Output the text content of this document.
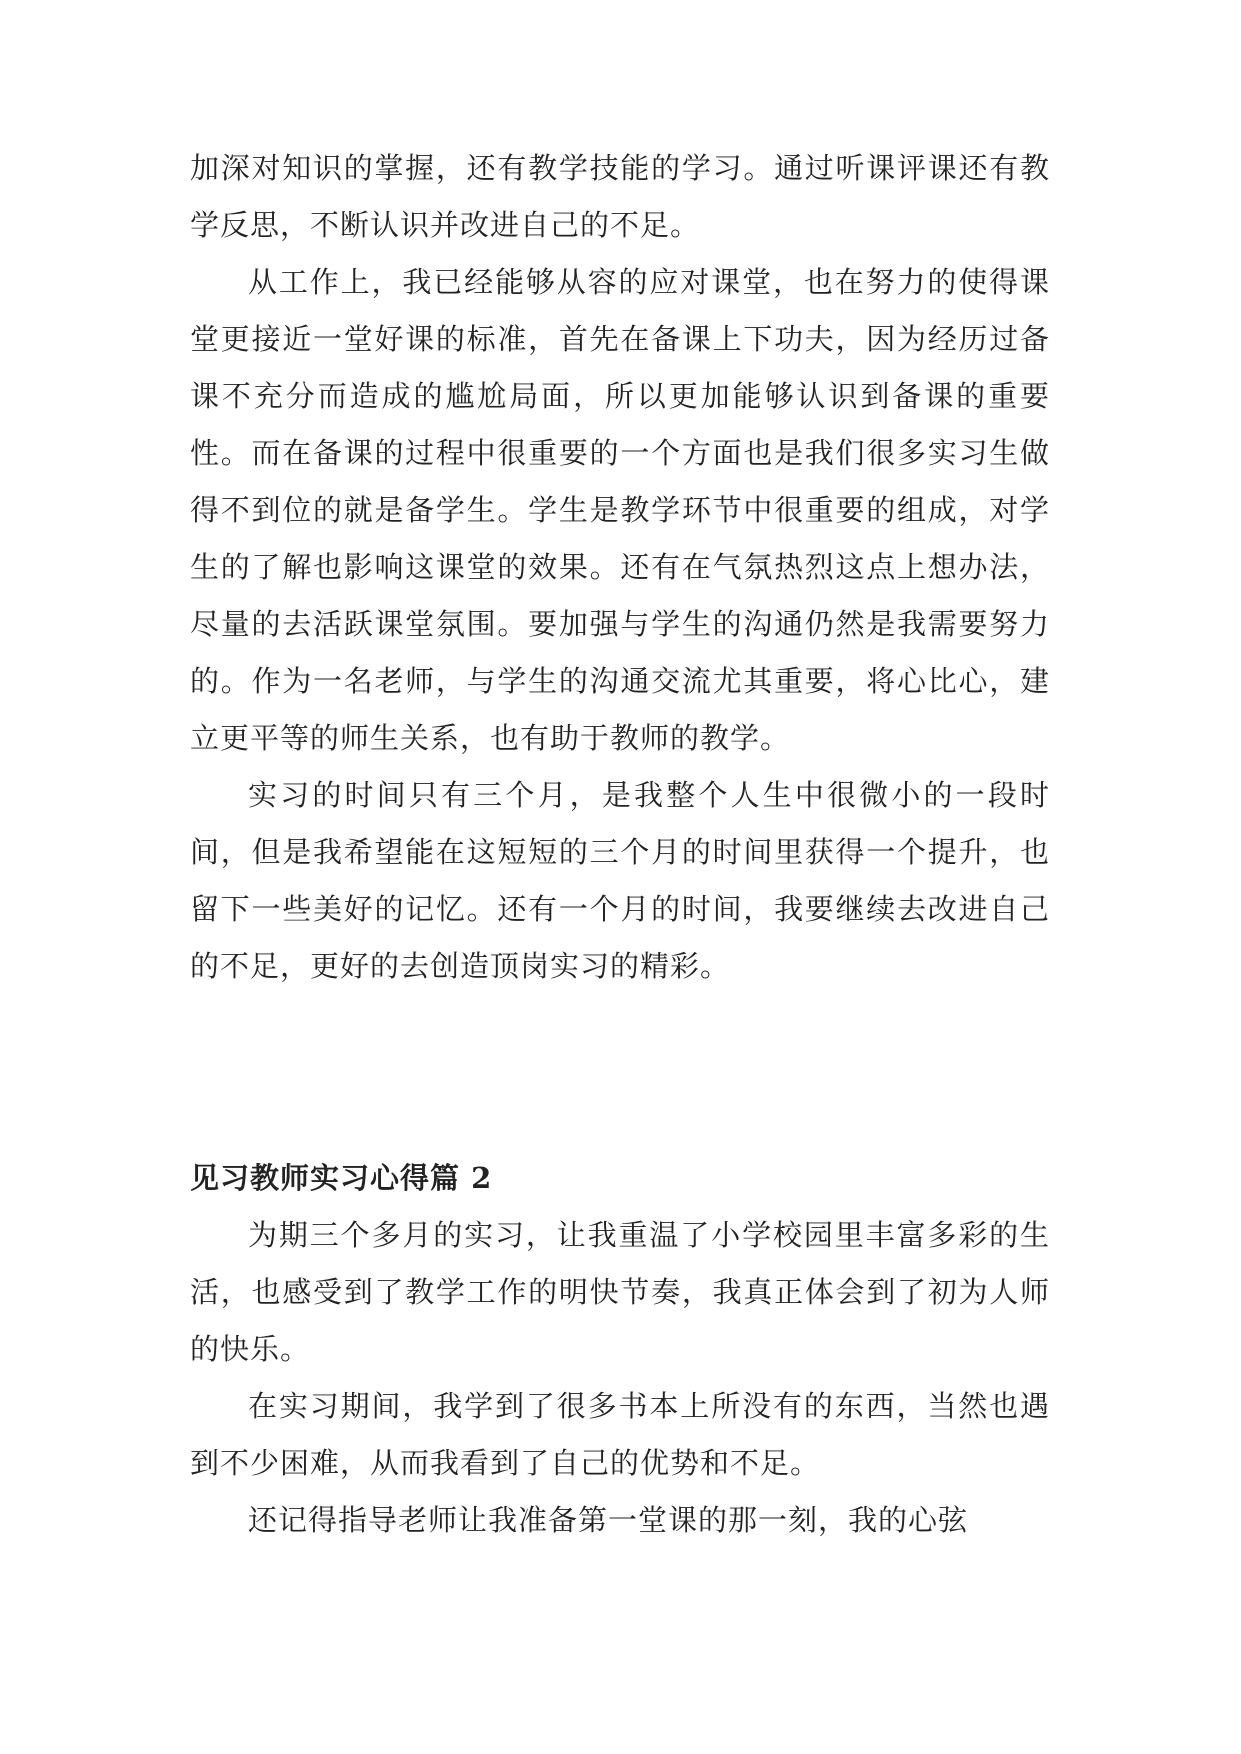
加深对知识的掌握，还有教学技能的学习。通过听课评课还有教学反思，不断认识并改进自己的不足。

从工作上，我已经能够从容的应对课堂，也在努力的使得课堂更接近一堂好课的标准，首先在备课上下功夫，因为经历过备课不充分而造成的尴尬局面，所以更加能够认识到备课的重要性。而在备课的过程中很重要的一个方面也是我们很多实习生做得不到位的就是备学生。学生是教学环节中很重要的组成，对学生的了解也影响这课堂的效果。还有在气氛热烈这点上想办法，尽量的去活跃课堂氛围。要加强与学生的沟通仍然是我需要努力的。作为一名老师，与学生的沟通交流尤其重要，将心比心，建立更平等的师生关系，也有助于教师的教学。

实习的时间只有三个月，是我整个人生中很微小的一段时间，但是我希望能在这短短的三个月的时间里获得一个提升，也留下一些美好的记忆。还有一个月的时间，我要继续去改进自己的不足，更好的去创造顶岗实习的精彩。

见习教师实习心得篇 2

为期三个多月的实习，让我重温了小学校园里丰富多彩的生活，也感受到了教学工作的明快节奏，我真正体会到了初为人师的快乐。

在实习期间，我学到了很多书本上所没有的东西，当然也遇到不少困难，从而我看到了自己的优势和不足。

还记得指导老师让我准备第一堂课的那一刻，我的心弦
